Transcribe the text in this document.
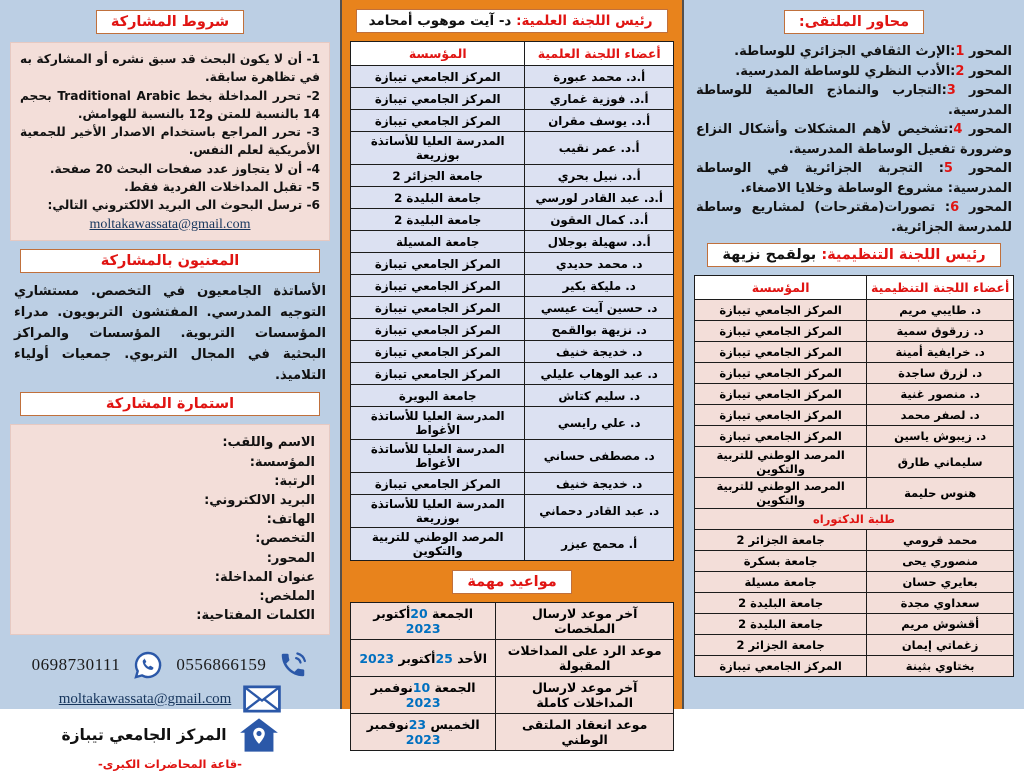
محاور الملتقى:
المحور 1:الإرث الثقافي الجزائري للوساطة.
المحور 2:الأدب النظري للوساطة المدرسية.
المحور 3:التجارب والنماذج العالمية للوساطة المدرسية.
المحور 4:تشخيص لأهم المشكلات وأشكال النزاع وضرورة تفعيل الوساطة المدرسية.
المحور 5: التجربة الجزائرية في الوساطة المدرسية: مشروع الوساطة وخلايا الاصغاء.
المحور 6: تصورات(مقترحات) لمشاريع وساطة للمدرسة الجزائرية.
رئيس اللجنة التنظيمية: بولقمح نزيهة
أعضاء اللجنة التنظيمية	المؤسسة
د. طايبي مريم	المركز الجامعي تيبازة
د. زرقوق سمية	المركز الجامعي تيبازة
د. خرايفية أمينة	المركز الجامعي تيبازة
د. لزرق ساجدة	المركز الجامعي تيبازة
د. منصور غنية	المركز الجامعي تيبازة
د. لصفر محمد	المركز الجامعي تيبازة
د. زيبوش ياسين	المركز الجامعي تيبازة
سليماني طارق	المرصد الوطني للتربية والتكوين
هنوس حليمة	المرصد الوطني للتربية والتكوين
طلبة الدكتوراه	
محمد قرومي	جامعة الجزائر 2
منصوري يحى	جامعة بسكرة
بعايري حسان	جامعة مسيلة
سعداوي مجدة	جامعة البليدة 2
أقشوش مريم	جامعة البليدة 2
زغماتي إيمان	جامعة الجزائر 2
بختاوي بثينة	المركز الجامعي تيبازة
رئيس اللجنة العلمية: د- آيت موهوب أمحامد
أعضاء اللجنة العلمية	المؤسسة
أ.د. محمد عبورة	المركز الجامعي تيبازة
أ.د. فوزية غماري	المركز الجامعي تيبازة
أ.د. يوسف مقران	المركز الجامعي تيبازة
أ.د. عمر نقيب	المدرسة العليا للأساتذة بوزريعة
أ.د. نبيل بحري	جامعة الجزائر 2
أ.د. عبد القادر لورسي	جامعة البليدة 2
أ.د. كمال العقون	جامعة البليدة 2
أ.د. سهيلة بوجلال	جامعة المسيلة
د. محمد حديدي	المركز الجامعي تيبازة
د. مليكة بكير	المركز الجامعي تيبازة
د. حسين آيت عيسي	المركز الجامعي تيبازة
د. نزيهة بوالقمح	المركز الجامعي تيبازة
د. خديجة خنيف	المركز الجامعي تيبازة
د. عبد الوهاب عليلي	المركز الجامعي تيبازة
د. سليم كتاش	جامعة البويرة
د. علي رايسي	المدرسة العليا للأساتذة الأغواط
د. مصطفى حساني	المدرسة العليا للأساتذة الأغواط
د. خديجة خنيف	المركز الجامعي تيبازة
د. عبد القادر دحماني	المدرسة العليا للأساتذة بوزريعة
أ. محمج عيزر	المرصد الوطني للتربية والتكوين
مواعيد مهمة
آخر موعد لارسال الملخصات	الجمعة 20أكتوبر 2023
موعد الرد على المداخلات المقبولة	الأحد 25أكتوبر 2023
آخر موعد لارسال المداخلات كاملة	الجمعة 10نوفمبر 2023
موعد انعقاد الملتقى الوطني	الخميس 23نوفمبر 2023
شروط المشاركة

1- أن لا يكون البحث قد سبق نشره أو المشاركة به في تظاهرة سابقة.

2- تحرر المداخلة بخط Traditional Arabic بحجم 14 بالنسبة للمتن و12 بالنسبة للهوامش.

3- تحرر المراجع باستخدام الاصدار الأخير للجمعية الأمريكية لعلم النفس.

4- أن لا يتجاوز عدد صفحات البحث 20 صفحة.

5- تقبل المداخلات الفردية فقط.

6- ترسل البحوث الى البريد الالكتروني التالي:

moltakawassata@gmail.com
المعنيون بالمشاركة

الأساتذة الجامعيون في التخصص. مستشاري التوجيه المدرسي. المفتشون التربويون. مدراء المؤسسات التربوية. المؤسسات والمراكز البحثية في المجال التربوي. جمعيات أولياء التلاميذ.

استمارة المشاركة
الاسم واللقب:
المؤسسة:
الرتبة:
البريد الالكتروني:
الهاتف:
التخصص:
المحور:
عنوان المداخلة:
الملخص:
الكلمات المفتاحية:
0556866159
0698730111
moltakawassata@gmail.com
المركز الجامعي تيبازة
-قاعة المحاضرات الكبرى-
